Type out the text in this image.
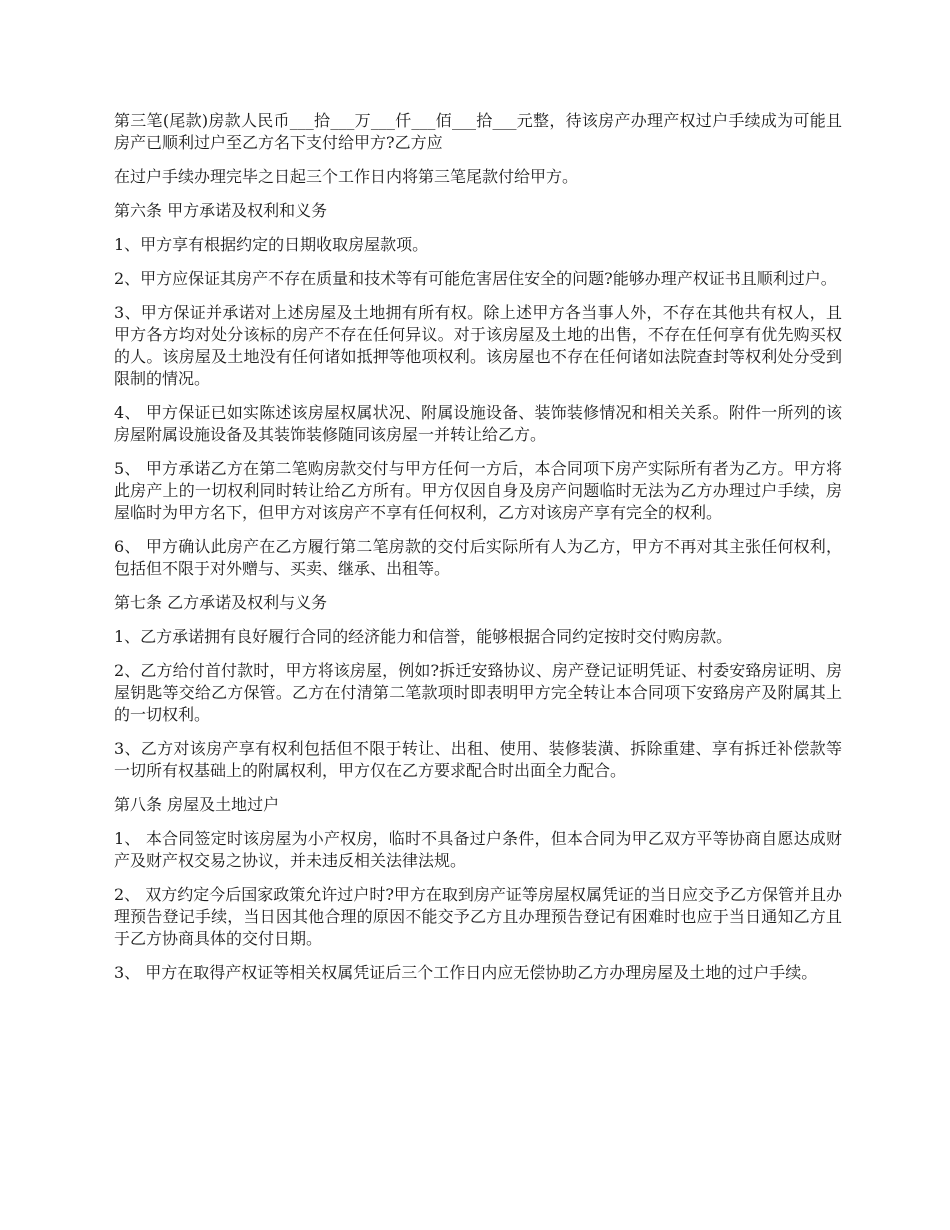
第三笔(尾款)房款人民币___拾___万___仟___佰___拾___元整，待该房产办理产权过户手续成为可能且房产已顺利过户至乙方名下支付给甲方?乙方应

在过户手续办理完毕之日起三个工作日内将第三笔尾款付给甲方。

第六条 甲方承诺及权利和义务

1、甲方享有根据约定的日期收取房屋款项。

2、甲方应保证其房产不存在质量和技术等有可能危害居住安全的问题?能够办理产权证书且顺利过户。

3、甲方保证并承诺对上述房屋及土地拥有所有权。除上述甲方各当事人外，不存在其他共有权人，且甲方各方均对处分该标的房产不存在任何异议。对于该房屋及土地的出售，不存在任何享有优先购买权的人。该房屋及土地没有任何诸如抵押等他项权利。该房屋也不存在任何诸如法院查封等权利处分受到限制的情况。

4、 甲方保证已如实陈述该房屋权属状况、附属设施设备、装饰装修情况和相关关系。附件一所列的该房屋附属设施设备及其装饰装修随同该房屋一并转让给乙方。

5、 甲方承诺乙方在第二笔购房款交付与甲方任何一方后，本合同项下房产实际所有者为乙方。甲方将此房产上的一切权利同时转让给乙方所有。甲方仅因自身及房产问题临时无法为乙方办理过户手续，房屋临时为甲方名下，但甲方对该房产不享有任何权利，乙方对该房产享有完全的权利。

6、 甲方确认此房产在乙方履行第二笔房款的交付后实际所有人为乙方，甲方不再对其主张任何权利，包括但不限于对外赠与、买卖、继承、出租等。

第七条 乙方承诺及权利与义务

1、乙方承诺拥有良好履行合同的经济能力和信誉，能够根据合同约定按时交付购房款。

2、乙方给付首付款时，甲方将该房屋，例如?拆迁安臵协议、房产登记证明凭证、村委安臵房证明、房屋钥匙等交给乙方保管。乙方在付清第二笔款项时即表明甲方完全转让本合同项下安臵房产及附属其上的一切权利。

3、乙方对该房产享有权利包括但不限于转让、出租、使用、装修装潢、拆除重建、享有拆迁补偿款等一切所有权基础上的附属权利，甲方仅在乙方要求配合时出面全力配合。

第八条 房屋及土地过户

1、 本合同签定时该房屋为小产权房，临时不具备过户条件，但本合同为甲乙双方平等协商自愿达成财产及财产权交易之协议，并未违反相关法律法规。

2、 双方约定今后国家政策允许过户时?甲方在取到房产证等房屋权属凭证的当日应交予乙方保管并且办理预告登记手续，当日因其他合理的原因不能交予乙方且办理预告登记有困难时也应于当日通知乙方且于乙方协商具体的交付日期。

3、 甲方在取得产权证等相关权属凭证后三个工作日内应无偿协助乙方办理房屋及土地的过户手续。
